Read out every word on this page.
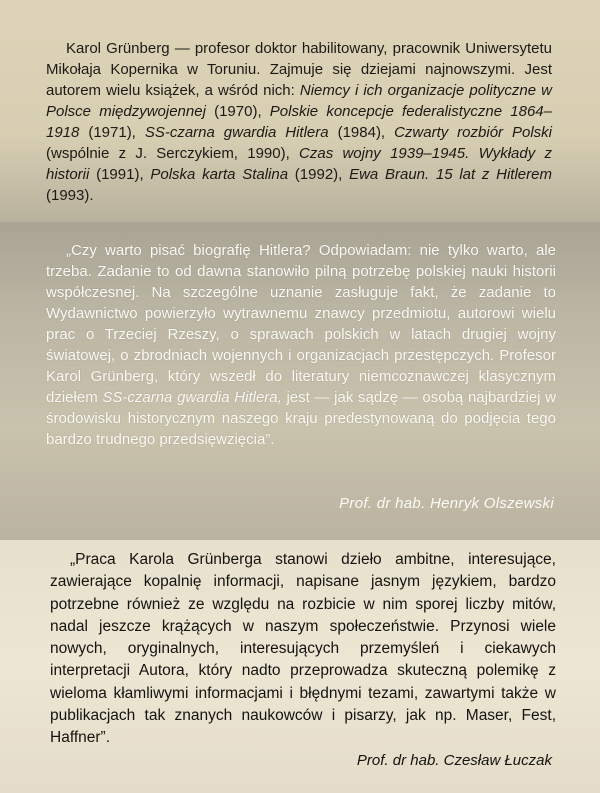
Karol Grünberg — profesor doktor habilitowany, pracownik Uniwersytetu Mikołaja Kopernika w Toruniu. Zajmuje się dziejami najnowszymi. Jest autorem wielu książek, a wśród nich: Niemcy i ich organizacje polityczne w Polsce międzywojennej (1970), Polskie koncepcje federalistyczne 1864–1918 (1971), SS-czarna gwardia Hitlera (1984), Czwarty rozbiór Polski (wspólnie z J. Serczykiem, 1990), Czas wojny 1939–1945. Wykłady z historii (1991), Polska karta Stalina (1992), Ewa Braun. 15 lat z Hitlerem (1993).

„Czy warto pisać biografię Hitlera? Odpowiadam: nie tylko warto, ale trzeba. Zadanie to od dawna stanowiło pilną potrzebę polskiej nauki historii współczesnej. Na szczególne uznanie zasługuje fakt, że zadanie to Wydawnictwo powierzyło wytrawnemu znawcy przedmiotu, autorowi wielu prac o Trzeciej Rzeszy, o sprawach polskich w latach drugiej wojny światowej, o zbrodniach wojennych i organizacjach przestępczych. Profesor Karol Grünberg, który wszedł do literatury niemcoznawczej klasycznym dziełem SS-czarna gwardia Hitlera, jest — jak sądzę — osobą najbardziej w środowisku historycznym naszego kraju predestynowaną do podjęcia tego bardzo trudnego przedsięwzięcia”.

Prof. dr hab. Henryk Olszewski

„Praca Karola Grünberga stanowi dzieło ambitne, interesujące, zawierające kopalnię informacji, napisane jasnym językiem, bardzo potrzebne również ze względu na rozbicie w nim sporej liczby mitów, nadal jeszcze krążących w naszym społeczeństwie. Przynosi wiele nowych, oryginalnych, interesujących przemyśleń i ciekawych interpretacji Autora, który nadto przeprowadza skuteczną polemikę z wieloma kłamliwymi informacjami i błędnymi tezami, zawartymi także w publikacjach tak znanych naukowców i pisarzy, jak np. Maser, Fest, Haffner”.

Prof. dr hab. Czesław Łuczak
